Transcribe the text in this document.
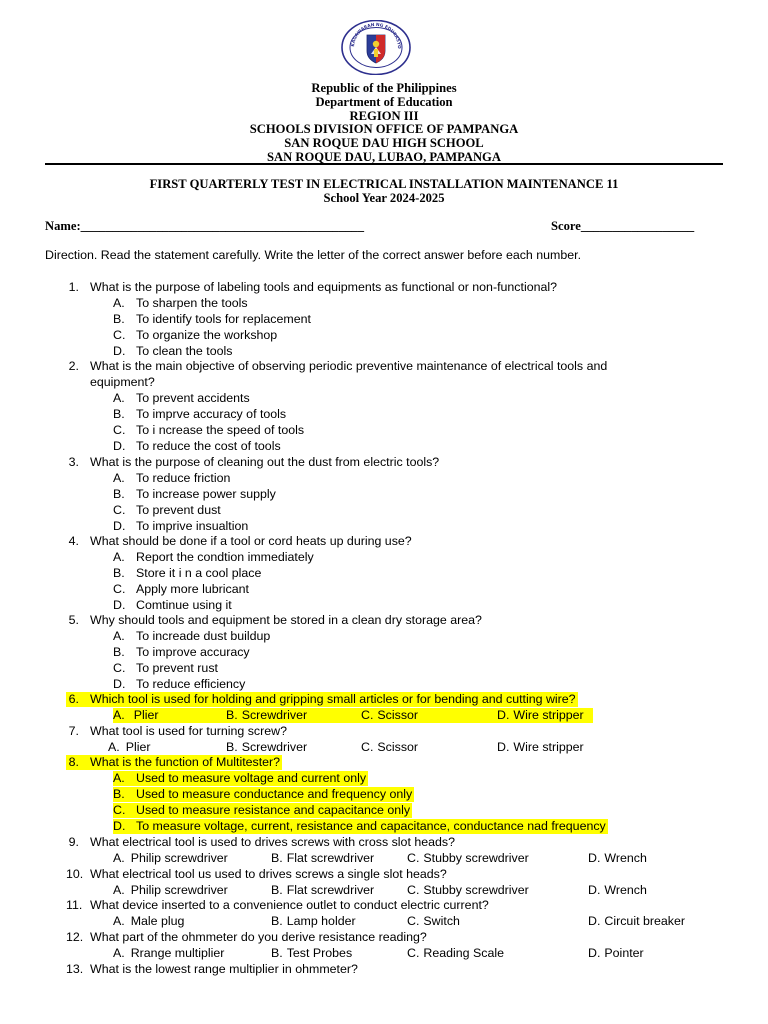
KAGAWARAN NG EDUKASYO
Republic of the Philippines
Department of Education
REGION III
SCHOOLS DIVISION OFFICE OF PAMPANGA
SAN ROQUE DAU HIGH SCHOOL
SAN ROQUE DAU, LUBAO, PAMPANGA
FIRST QUARTERLY TEST IN ELECTRICAL INSTALLATION MAINTENANCE 11
School Year 2024-2025
Name:_____________________________________________	Score__________________
Direction. Read the statement carefully. Write the letter of the correct answer before each number.
1. What is the purpose of labeling tools and equipments as functional or non-functional?
A. To sharpen the tools
B. To identify tools for replacement
C. To organize the workshop
D. To clean the tools
2. What is the main objective of observing periodic preventive maintenance of electrical tools and
equipment?
A. To prevent accidents
B. To imprve accuracy of tools
C. To i ncrease the speed of tools
D. To reduce the cost of tools
3. What is the purpose of cleaning out the dust from electric tools?
A. To reduce friction
B. To increase power supply
C. To prevent dust
D. To imprive insualtion
4. What should be done if a tool or cord heats up during use?
A. Report the condtion immediately
B. Store it i n a cool place
C. Apply more lubricant
D. Comtinue using it
5. Why should tools and equipment be stored in a clean dry storage area?
A. To increade dust buildup
B. To improve accuracy
C. To prevent rust
D. To reduce efficiency
6. Which tool is used for holding and gripping small articles or for bending and cutting wire?
A. Plier	B. Screwdriver	C. Scissor	D. Wire stripper
7. What tool is used for turning screw?
A. Plier	B. Screwdriver	C. Scissor	D. Wire stripper
8. What is the function of Multitester?
A. Used to measure voltage and current only
B. Used to measure conductance and frequency only
C. Used to measure resistance and capacitance only
D. To measure voltage, current, resistance and capacitance, conductance nad frequency
9. What electrical tool is used to drives screws with cross slot heads?
A. Philip screwdriver	B. Flat screwdriver	C. Stubby screwdriver	D. Wrench
10. What electrical tool us used to drives screws a single slot heads?
A. Philip screwdriver	B. Flat screwdriver	C. Stubby screwdriver	D. Wrench
11. What device inserted to a convenience outlet to conduct electric current?
A. Male plug	B. Lamp holder	C. Switch	D. Circuit breaker
12. What part of the ohmmeter do you derive resistance reading?
A. Rrange multiplier	B. Test Probes	C. Reading Scale	D. Pointer
13. What is the lowest range multiplier in ohmmeter?
